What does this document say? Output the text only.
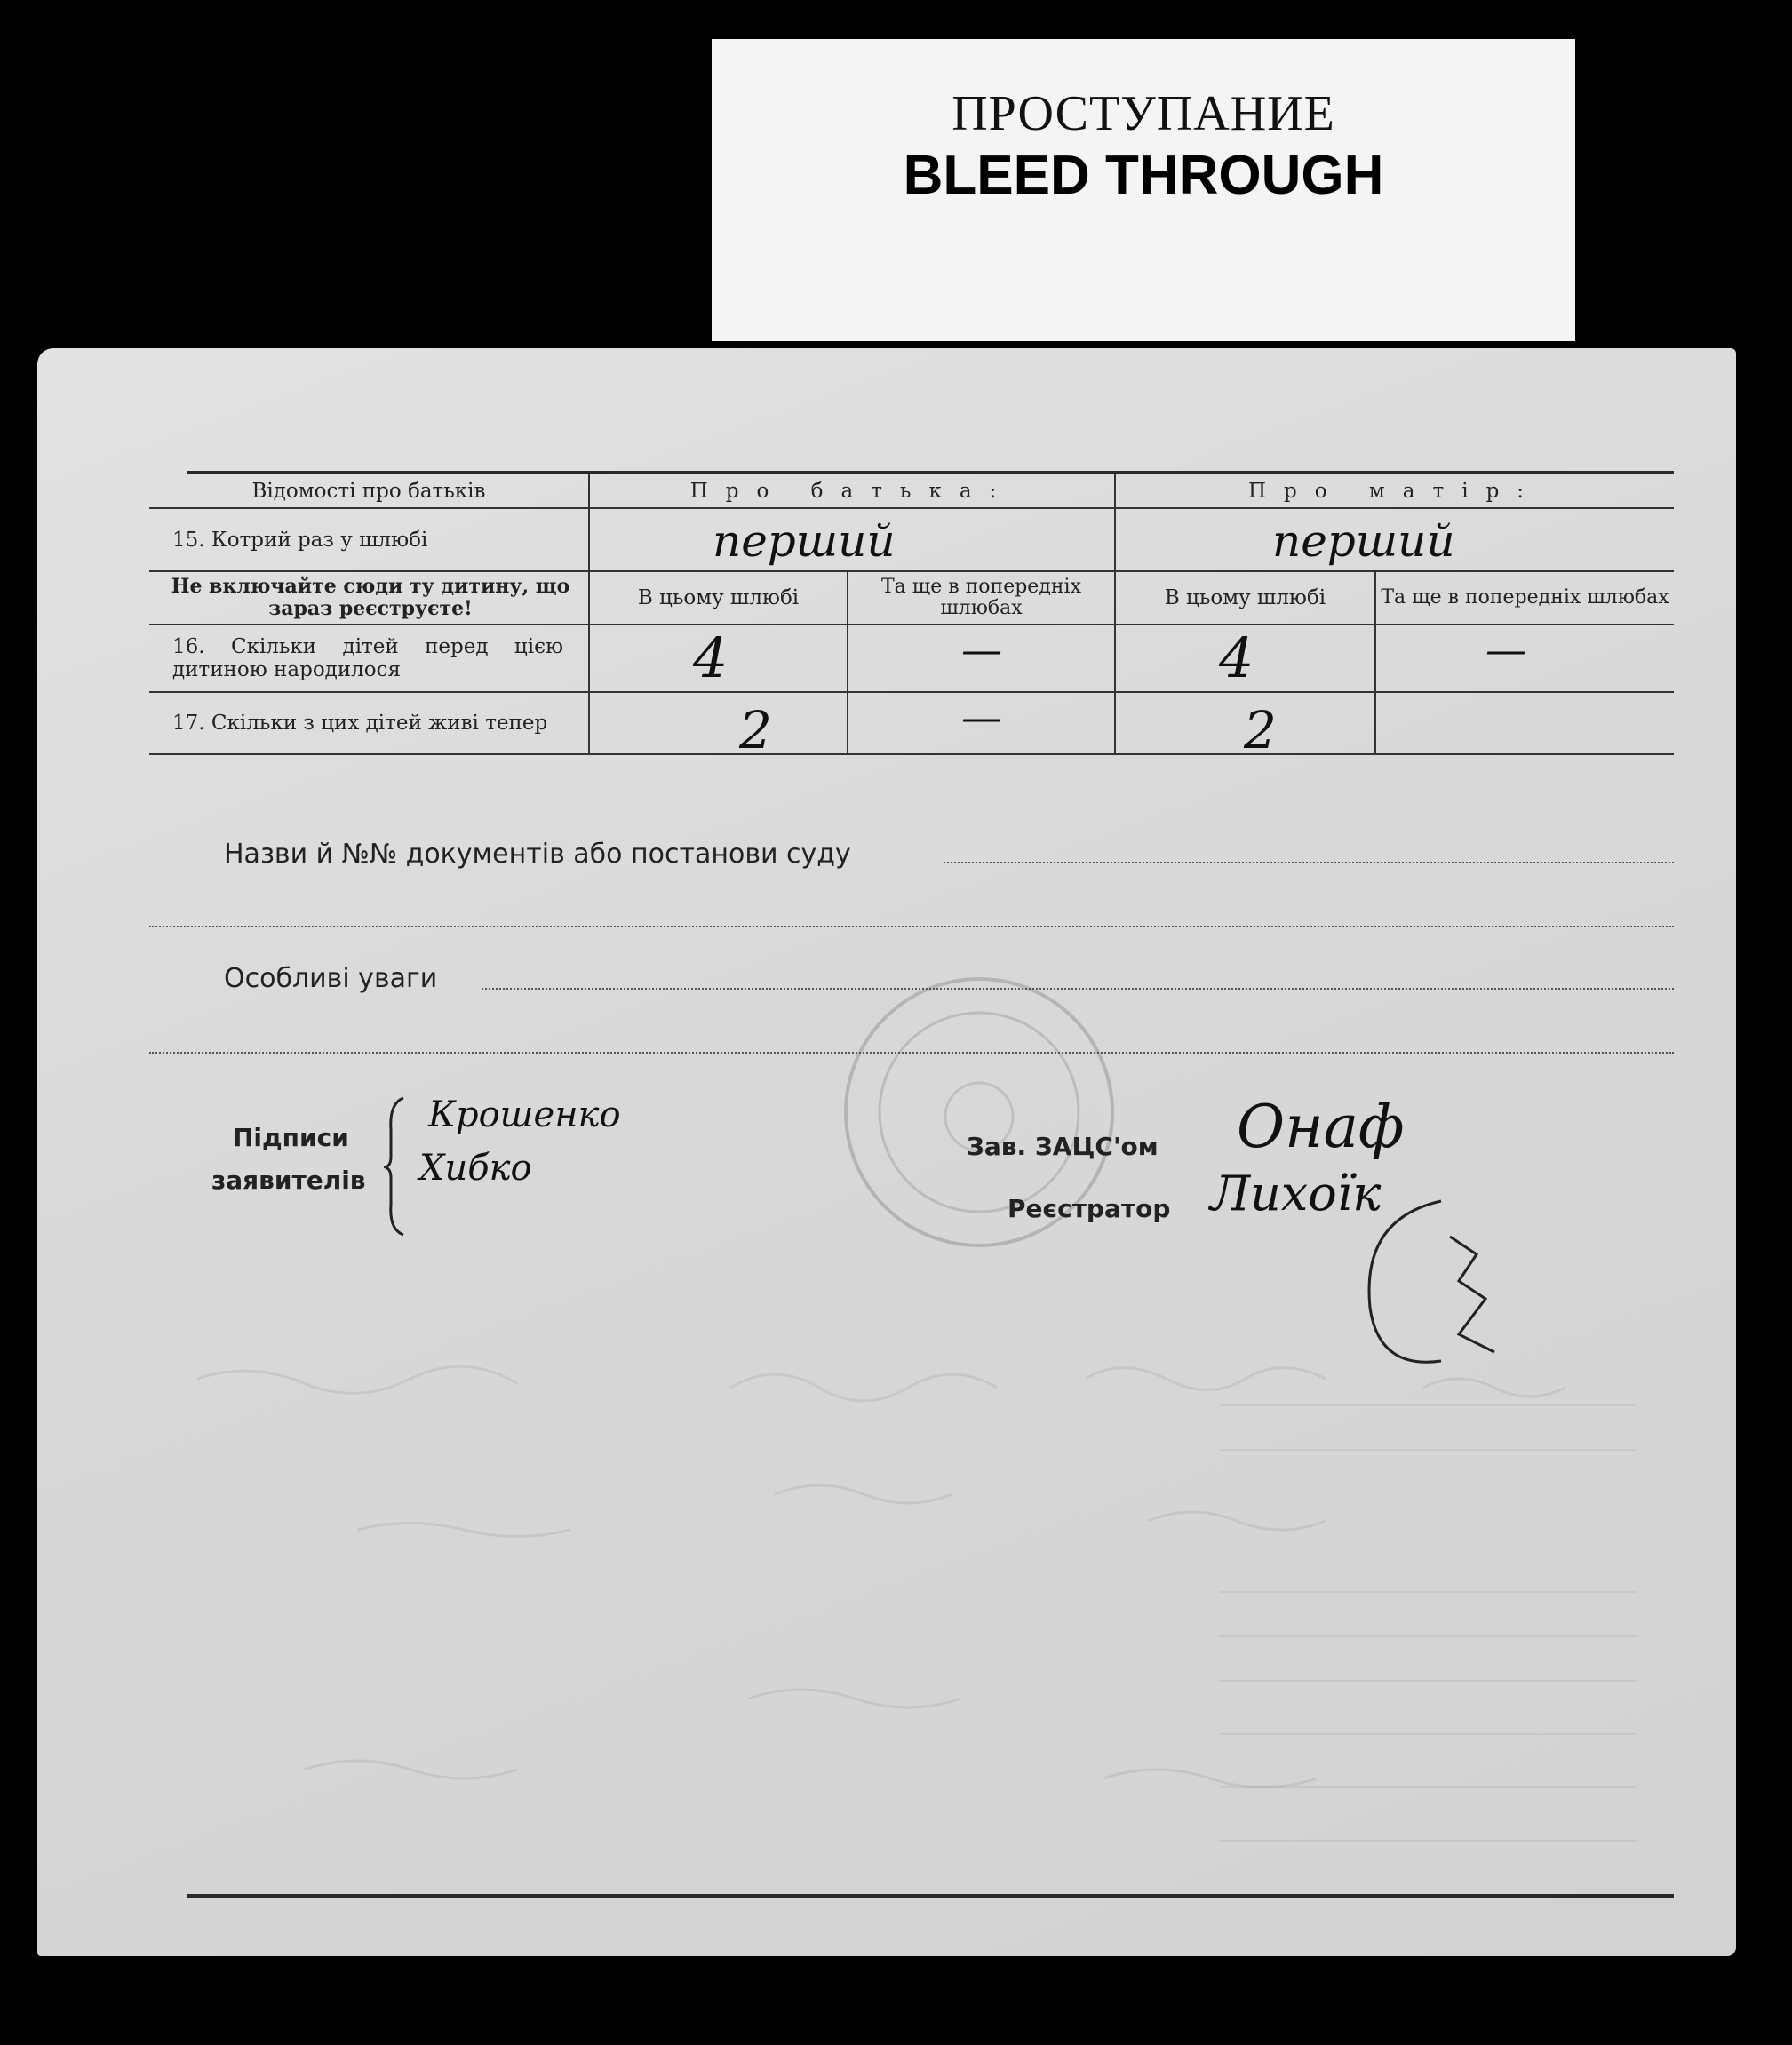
ПРОСТУПАНИЕ
BLEED THROUGH
Відомості про батьків	Про батька:	Про матір:
15. Котрий раз у шлюбі	перший	перший
Не включайте сюди ту дитину, що зараз реєструєте!	В цьому шлюбі	Та ще в попередніх шлюбах	В цьому шлюбі	Та ще в попередніх шлюбах
16. Скільки дітей перед цією дитиною народилося	4	—	4	—
17. Скільки з цих дітей живі тепер	2	—	2
Назви й №№ документів або постанови суду
Особливі уваги
Підписи
заявителів
Крошенко
Хибко
Зав. ЗАЦС'ом Онаф
Реєстратор Лихоїк
